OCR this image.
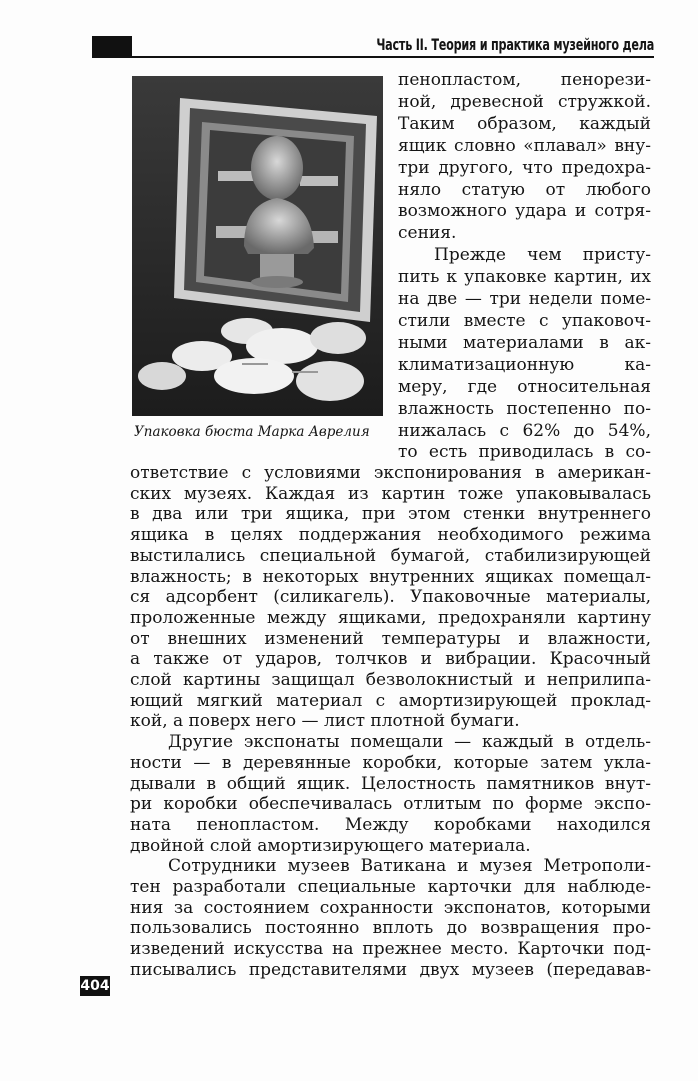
Часть II. Теория и практика музейного дела
Упаковка бюста Марка Аврелия
пенопластом, пенорези-
ной, древесной стружкой.
Таким образом, каждый
ящик словно «плавал» вну-
три другого, что предохра-
няло статую от любого
возможного удара и сотря-
сения.
Прежде чем присту-
пить к упаковке картин, их
на две — три недели поме-
стили вместе с упаковоч-
ными материалами в ак-
климатизационную ка-
меру, где относительная
влажность постепенно по-
нижалась с 62% до 54%,
то есть приводилась в со-
ответствие с условиями экспонирования в американ-
ских музеях. Каждая из картин тоже упаковывалась
в два или три ящика, при этом стенки внутреннего
ящика в целях поддержания необходимого режима
выстилались специальной бумагой, стабилизирующей
влажность; в некоторых внутренних ящиках помещал-
ся адсорбент (силикагель). Упаковочные материалы,
проложенные между ящиками, предохраняли картину
от внешних изменений температуры и влажности,
а также от ударов, толчков и вибрации. Красочный
слой картины защищал безволокнистый и неприлипа-
ющий мягкий материал с амортизирующей проклад-
кой, а поверх него — лист плотной бумаги.
Другие экспонаты помещали — каждый в отдель-
ности — в деревянные коробки, которые затем укла-
дывали в общий ящик. Целостность памятников внут-
ри коробки обеспечивалась отлитым по форме экспо-
ната пенопластом. Между коробками находился
двойной слой амортизирующего материала.
Сотрудники музеев Ватикана и музея Метрополи-
тен разработали специальные карточки для наблюде-
ния за состоянием сохранности экспонатов, которыми
пользовались постоянно вплоть до возвращения про-
изведений искусства на прежнее место. Карточки под-
писывались представителями двух музеев (передавав-
404
